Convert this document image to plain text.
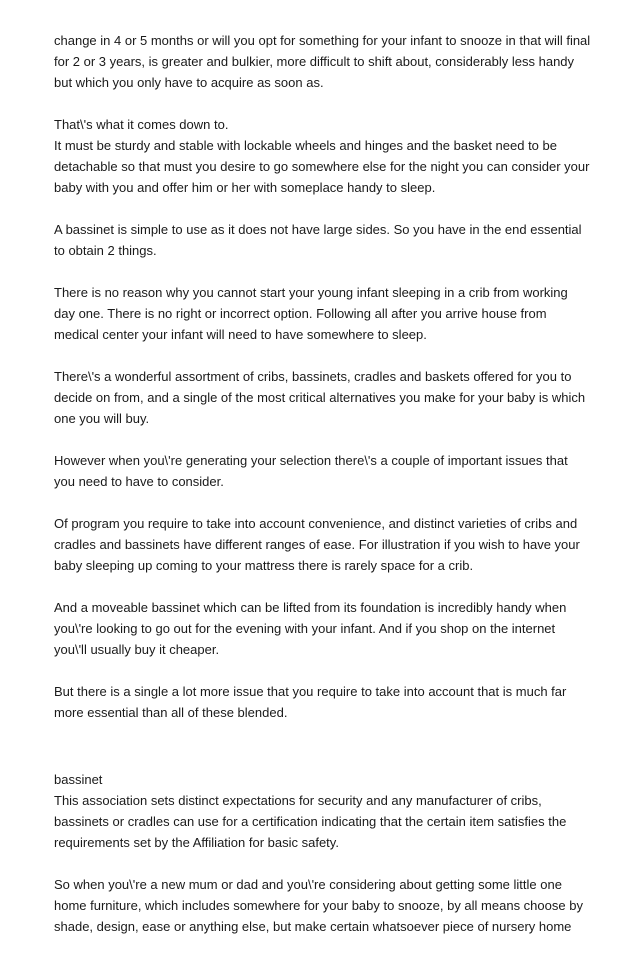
change in 4 or 5 months or will you opt for something for your infant to snooze in that will final
for 2 or 3 years, is greater and bulkier, more difficult to shift about, considerably less handy
but which you only have to acquire as soon as.
That\'s what it comes down to.
It must be sturdy and stable with lockable wheels and hinges and the basket need to be
detachable so that must you desire to go somewhere else for the night you can consider your
baby with you and offer him or her with someplace handy to sleep.
A bassinet is simple to use as it does not have large sides. So you have in the end essential
to obtain 2 things.
There is no reason why you cannot start your young infant sleeping in a crib from working
day one. There is no right or incorrect option. Following all after you arrive house from
medical center your infant will need to have somewhere to sleep.
There\'s a wonderful assortment of cribs, bassinets, cradles and baskets offered for you to
decide on from, and a single of the most critical alternatives you make for your baby is which
one you will buy.
However when you\'re generating your selection there\'s a couple of important issues that
you need to have to consider.
Of program you require to take into account convenience, and distinct varieties of cribs and
cradles and bassinets have different ranges of ease. For illustration if you wish to have your
baby sleeping up coming to your mattress there is rarely space for a crib.
And a moveable bassinet which can be lifted from its foundation is incredibly handy when
you\'re looking to go out for the evening with your infant. And if you shop on the internet
you\'ll usually buy it cheaper.
But there is a single a lot more issue that you require to take into account that is much far
more essential than all of these blended.
bassinet
This association sets distinct expectations for security and any manufacturer of cribs,
bassinets or cradles can use for a certification indicating that the certain item satisfies the
requirements set by the Affiliation for basic safety.
So when you\'re a new mum or dad and you\'re considering about getting some little one
home furniture, which includes somewhere for your baby to snooze, by all means choose by
shade, design, ease or anything else, but make certain whatsoever piece of nursery home
